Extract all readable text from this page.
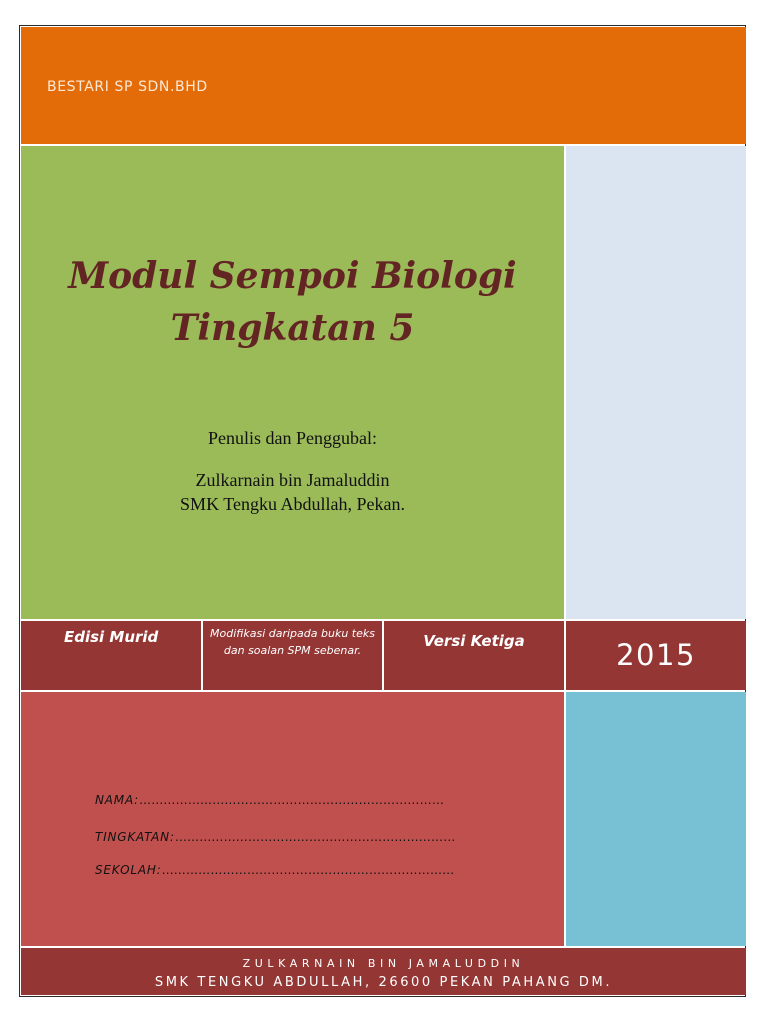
BESTARI SP SDN.BHD
Modul Sempoi Biologi
Tingkatan 5
Penulis dan Penggubal:
Zulkarnain bin Jamaluddin
SMK Tengku Abdullah, Pekan.
Edisi Murid	Modifikasi daripada buku teks dan soalan SPM sebenar.
Versi Ketiga	2015
NAMA:…………………………………………………………………
TINGKATAN:……………………………………………………………
SEKOLAH:………………………………………………………………
ZULKARNAIN BIN JAMALUDDIN
SMK TENGKU ABDULLAH, 26600 PEKAN PAHANG DM.
